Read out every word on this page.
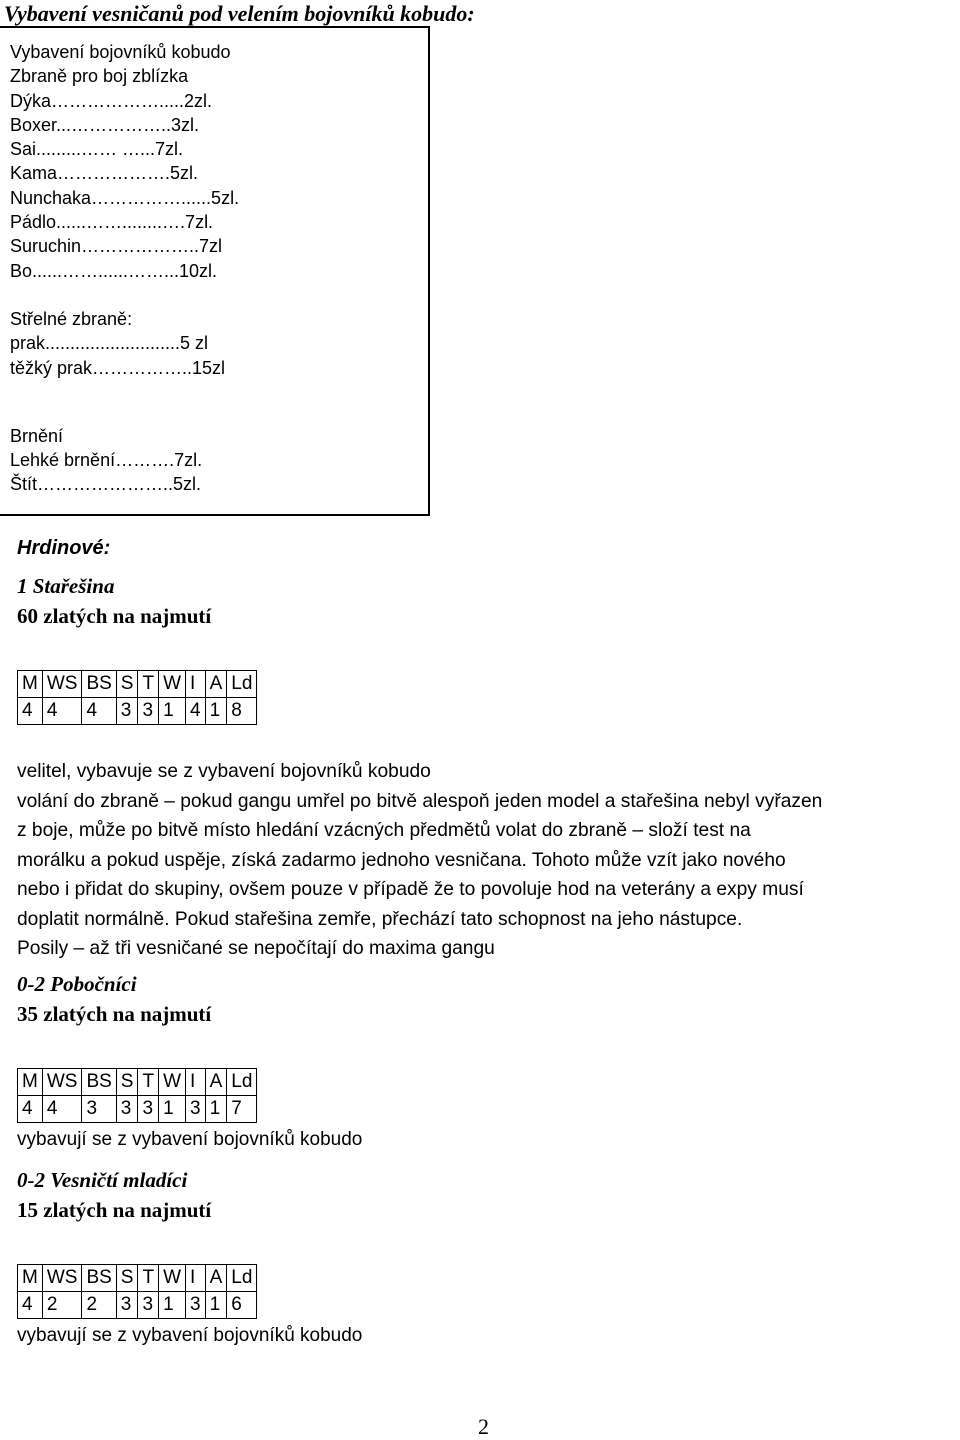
Vybavení vesničanů pod velením bojovníků kobudo:
Vybavení bojovníků kobudo
Zbraně pro boj zblízka
Dýka……………….....2zl.
Boxer...……………..3zl.
Sai.........…… …...7zl.
Kama……………….5zl.
Nunchaka……………......5zl.
Pádlo......……........….7zl.
Suruchin………………..7zl
Bo......……......……...10zl.
Střelné zbraně:
prak...........................5 zl
těžký prak……………..15zl
Brnění
Lehké brnění……….7zl.
Štít…………………..5zl.
Hrdinové:
1 Stařešina
60 zlatých na najmutí
M	WS	BS	S	T	W	I	A	Ld
4	4	4	3	3	1	4	1	8
velitel, vybavuje se z vybavení bojovníků kobudo
volání do zbraně – pokud gangu umřel po bitvě alespoň jeden model a stařešina nebyl vyřazen
z boje, může po bitvě místo hledání vzácných předmětů volat do zbraně – složí test na
morálku a pokud uspěje, získá zadarmo jednoho vesničana. Tohoto může vzít jako nového
nebo i přidat do skupiny, ovšem pouze v případě že to povoluje hod na veterány a expy musí
doplatit normálně. Pokud stařešina zemře, přechází tato schopnost na jeho nástupce.
Posily – až tři vesničané se nepočítají do maxima gangu
0-2 Pobočníci
35 zlatých na najmutí
M	WS	BS	S	T	W	I	A	Ld
4	4	3	3	3	1	3	1	7
vybavují se z vybavení bojovníků kobudo
0-2 Vesničtí mladíci
15 zlatých na najmutí
M	WS	BS	S	T	W	I	A	Ld
4	2	2	3	3	1	3	1	6
vybavují se z vybavení bojovníků kobudo
2
